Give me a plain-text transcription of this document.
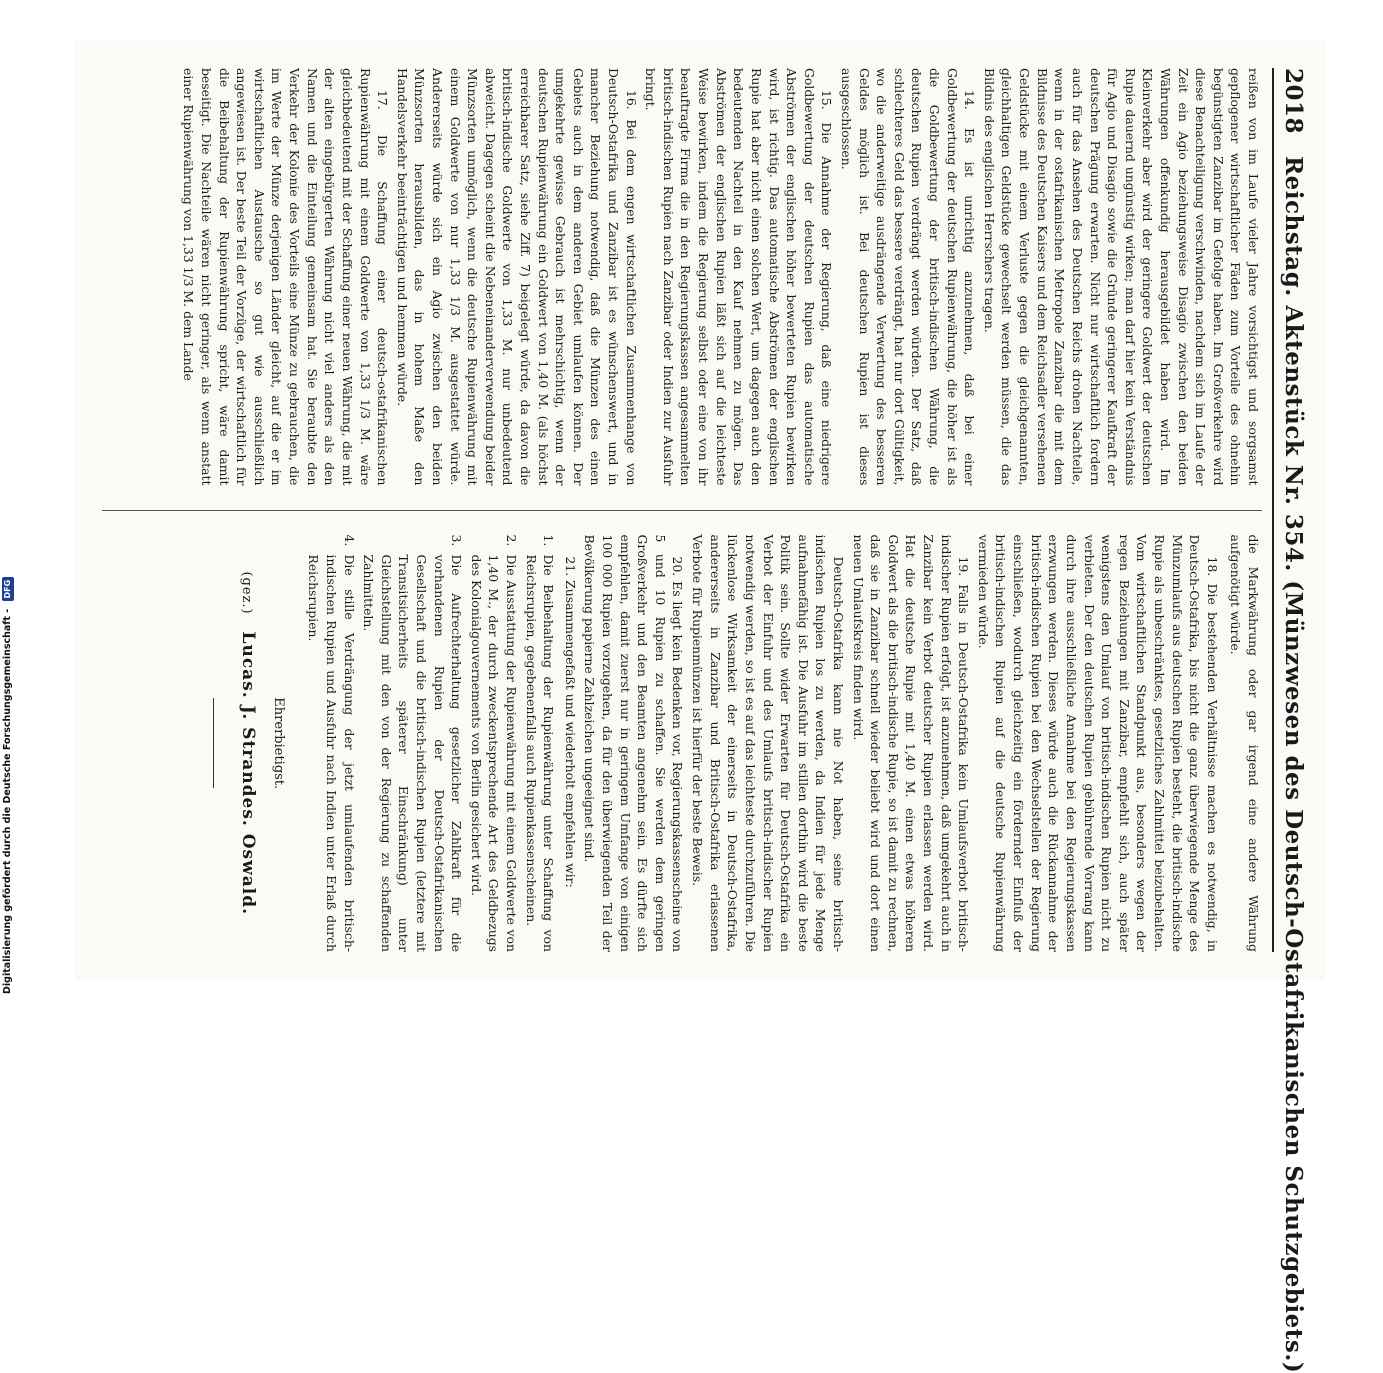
2018
Reichstag. Aktenstück Nr. 354. (Münzwesen des Deutsch-Ostafrikanischen Schutzgebiets.)

reißen von im Laufe vieler Jahre vorsichtigst und sorgsamst gepflogener wirtschaftlicher Fäden zum Vorteile des ohnehin begünstigten Zanzibar im Gefolge haben. Im Großverkehre wird diese Benachteiligung verschwinden, nachdem sich im Laufe der Zeit ein Agio beziehungsweise Disagio zwischen den beiden Währungen offenkundig herausgebildet haben wird. Im Kleinverkehr aber wird der geringere Goldwert der deutschen Rupie dauernd ungünstig wirken; man darf hier kein Verständnis für Agio und Disagio sowie die Gründe geringerer Kaufkraft der deutschen Prägung erwarten. Nicht nur wirtschaftlich fordern auch für das Ansehen des Deutschen Reichs drohen Nachteile, wenn in der ostafrikanischen Metropole Zanzibar die mit dem Bildnisse des Deutschen Kaisers und dem Reichsadler versehenen Geldstücke mit einem Verluste gegen die gleichgenannten, gleichhaltigen Geldstücke gewechselt werden müssen, die das Bildnis des englischen Herrschers tragen.

14. Es ist unrichtig anzunehmen, daß bei einer Goldbewertung der deutschen Rupienwährung, die höher ist als die Goldbewertung der britisch-indischen Währung, die deutschen Rupien verdrängt werden würden. Der Satz, daß schlechteres Geld das bessere verdrängt, hat nur dort Gültigkeit, wo die anderweitige ausdrängende Verwertung des besseren Geldes möglich ist. Bei deutschen Rupien ist dieses ausgeschlossen.

15. Die Annahme der Regierung, daß eine niedrigere Goldbewertung der deutschen Rupien das automatische Abströmen der englischen höher bewerteten Rupien bewirken wird, ist richtig. Das automatische Abströmen der englischen Rupie hat aber nicht einen solchen Wert, um dagegen auch den bedeutenden Nachteil in den Kauf nehmen zu mögen. Das Abströmen der englischen Rupien läßt sich auf die leichteste Weise bewirken, indem die Regierung selbst oder eine von ihr beauftragte Firma die in den Regierungskassen angesammelten britisch-indischen Rupien nach Zanzibar oder Indien zur Ausfuhr bringt.

16. Bei dem engen wirtschaftlichen Zusammenhange von Deutsch-Ostafrika und Zanzibar ist es wünschenswert, und in mancher Beziehung notwendig, daß die Münzen des einen Gebiets auch in dem anderen Gebiet umlaufen können. Der umgekehrte gewisse Gebrauch ist mehrschichtig, wenn der deutschen Rupienwährung ein Goldwert von 1,40 M. (als höchst erreichbarer Satz, siehe Ziff. 7) beigelegt würde, da davon die britisch-indische Goldwerte von 1,33 M. nur unbedeutend abweicht. Dagegen scheint die Nebeneinanderverwendung beider Münzsorten unmöglich, wenn die deutsche Rupienwährung mit einem Goldwerte von nur 1,33 1/3 M. ausgestattet würde. Andererseits würde sich ein Agio zwischen den beiden Münzsorten herausbilden, das in hohem Maße den Handelsverkehr beeinträchtigen und hemmen würde.

17. Die Schaffung einer deutsch-ostafrikanischen Rupienwährung mit einem Goldwerte von 1,33 1/3 M. wäre gleichbedeutend mit der Schaffung einer neuen Währung, die mit der alten eingebürgerten Währung nicht viel anders als den Namen und die Einteilung gemeinsam hat. Sie beraubte den Verkehr der Kolonie des Vorteils eine Münze zu gebrauchen, die im Werte der Münze derjenigen Länder gleicht, auf die er im wirtschaftlichen Austausche so gut wie ausschließlich angewiesen ist. Der beste Teil der Vorzüge, der wirtschaftlich für die Beibehaltung der Rupienwährung spricht, wäre damit beseitigt. Die Nachteile wären nicht geringer, als wenn anstatt einer Rupienwährung von 1,33 1/3 M. dem Lande

die Markwährung oder gar irgend eine andere Währung aufgenötigt würde.

18. Die bestehenden Verhältnisse machen es notwendig, in Deutsch-Ostafrika, bis nicht die ganz überwiegende Menge des Münzumlaufs aus deutschen Rupien besteht, die britisch-indische Rupie als unbeschränktes, gesetzliches Zahlmittel beizubehalten. Vom wirtschaftlichen Standpunkt aus, besonders wegen der regen Beziehungen mit Zanzibar, empfiehlt sich, auch später wenigstens den Umlauf von britisch-indischen Rupien nicht zu verbieten. Der den deutschen Rupien gebührende Vorrang kann durch ihre ausschließliche Annahme bei den Regierungskassen erzwungen werden. Dieses würde auch die Rückannahme der britisch-indischen Rupien bei den Wechselstellen der Regierung einschließen, wodurch gleichzeitig ein fördernder Einfluß der britisch-indischen Rupien auf die deutsche Rupienwährung vermieden würde.

19. Falls in Deutsch-Ostafrika kein Umlaufsverbot britisch-indischer Rupien erfolgt, ist anzunehmen, daß umgekehrt auch in Zanzibar kein Verbot deutscher Rupien erlassen werden wird. Hat die deutsche Rupie mit 1,40 M. einen etwas höheren Goldwert als die britisch-indische Rupie, so ist damit zu rechnen, daß sie in Zanzibar schnell wieder beliebt wird und dort einen neuen Umlaufskreis finden wird.

Deutsch-Ostafrika kann nie Not haben, seine britisch-indischen Rupien los zu werden, da Indien für jede Menge aufnahmefähig ist. Die Ausfuhr im stillen dorthin wird die beste Politik sein. Sollte wider Erwarten für Deutsch-Ostafrika ein Verbot der Einfuhr und des Umlaufs britisch-indischer Rupien notwendig werden, so ist es auf das leichteste durchzuführen. Die lückenlose Wirksamkeit der einerseits in Deutsch-Ostafrika, andererseits in Zanzibar und Britisch-Ostafrika erlassenen Verbote für Rupienmünzen ist hierfür der beste Beweis.

20. Es liegt kein Bedenken vor, Regierungskassenscheine von 5 und 10 Rupien zu schaffen. Sie werden dem geringen Großverkehr und den Beamten angenehm sein. Es dürfte sich empfehlen, damit zuerst nur in geringem Umfange von einigen 100 000 Rupien vorzugehen, da für den überwiegenden Teil der Bevölkerung papierne Zahlzeichen ungeeignet sind.

21. Zusammengefaßt und wiederholt empfehlen wir:

1.
Die Beibehaltung der Rupienwährung unter Schaffung von Reichsrupien, gegebenenfalls auch Rupienkassenscheinen.
2.
Die Ausstattung der Rupienwährung mit einem Goldwerte von 1,40 M., der durch zweckentsprechende Art des Geldbezugs des Kolonialgouvernements von Berlin gesichert wird.
3.
Die Aufrechterhaltung gesetzlicher Zahlkraft für die vorhandenen Rupien der Deutsch-Ostafrikanischen Gesellschaft und die britisch-indischen Rupien (letztere mit Transitsicherheits späterer Einschränkung) unter Gleichstellung mit den von der Regierung zu schaffenden Zahlmitteln.
4.
Die stille Verdrängung der jetzt umlaufenden britisch-indischen Rupien und Ausfuhr nach Indien unter Erlaß durch Reichsrupien.
Ehrerbietigst.
(gez.) Lucas. J. Strandes. Oswald.
Digitalisierung gefördert durch die Deutsche Forschungsgemeinschaft - DFG
